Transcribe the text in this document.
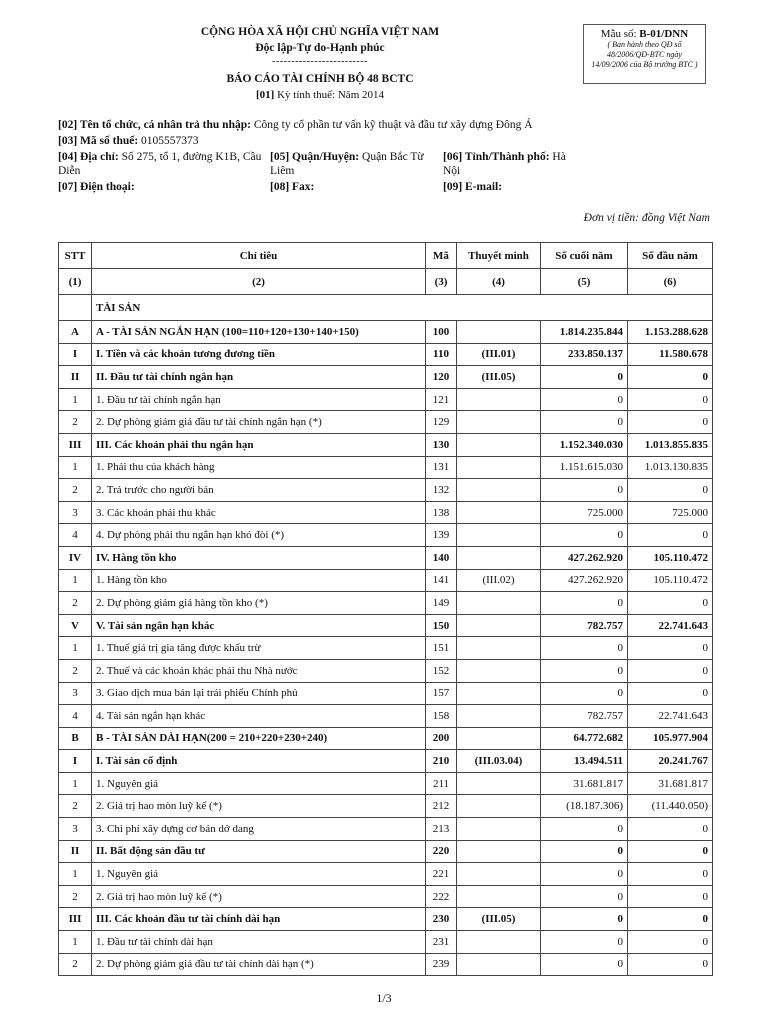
CỘNG HÒA XÃ HỘI CHỦ NGHĨA VIỆT NAM
Độc lập-Tự do-Hạnh phúc
-------------------------
BÁO CÁO TÀI CHÍNH BỘ 48 BCTC
[01] Kỳ tính thuế: Năm 2014
Mẫu số: B-01/DNN
( Ban hành theo QĐ số 48/2006/QĐ-BTC ngày 14/09/2006 của Bộ trưởng BTC )
[02] Tên tổ chức, cá nhân trả thu nhập: Công ty cổ phần tư vấn kỹ thuật và đầu tư xây dựng Đông Á
[03] Mã số thuế: 0105557373
[04] Địa chỉ: Số 275, tổ 1, đường K1B, Cầu Diễn
[05] Quận/Huyện: Quận Bắc Từ Liêm
[06] Tỉnh/Thành phố: Hà Nội
[07] Điện thoại:	[08] Fax:	[09] E-mail:
Đơn vị tiền: đồng Việt Nam
STT	Chỉ tiêu	Mã	Thuyết minh	Số cuối năm	Số đầu năm
(1)	(2)	(3)	(4)	(5)	(6)
	TÀI SẢN				
A	A - TÀI SẢN NGẮN HẠN (100=110+120+130+140+150)	100		1.814.235.844	1.153.288.628
I	I. Tiền và các khoản tương đương tiền	110	(III.01)	233.850.137	11.580.678
II	II. Đầu tư tài chính ngắn hạn	120	(III.05)	0	0
1	1. Đầu tư tài chính ngắn hạn	121		0	0
2	2. Dự phòng giảm giá đầu tư tài chính ngắn hạn (*)	129		0	0
III	III. Các khoản phải thu ngắn hạn	130		1.152.340.030	1.013.855.835
1	1. Phải thu của khách hàng	131		1.151.615.030	1.013.130.835
2	2. Trả trước cho người bán	132		0	0
3	3. Các khoản phải thu khác	138		725.000	725.000
4	4. Dự phòng phải thu ngắn hạn khó đòi (*)	139		0	0
IV	IV. Hàng tồn kho	140		427.262.920	105.110.472
1	1. Hàng tồn kho	141	(III.02)	427.262.920	105.110.472
2	2. Dự phòng giảm giá hàng tồn kho (*)	149		0	0
V	V. Tài sản ngắn hạn khác	150		782.757	22.741.643
1	1. Thuế giá trị gia tăng được khấu trừ	151		0	0
2	2. Thuế và các khoản khác phải thu Nhà nước	152		0	0
3	3. Giao dịch mua bán lại trái phiếu Chính phủ	157		0	0
4	4. Tài sản ngắn hạn khác	158		782.757	22.741.643
B	B - TÀI SẢN DÀI HẠN(200 = 210+220+230+240)	200		64.772.682	105.977.904
I	I. Tài sản cố định	210	(III.03.04)	13.494.511	20.241.767
1	1. Nguyên giá	211		31.681.817	31.681.817
2	2. Giá trị hao mòn luỹ kế (*)	212		(18.187.306)	(11.440.050)
3	3. Chi phí xây dựng cơ bản dở dang	213		0	0
II	II. Bất động sản đầu tư	220		0	0
1	1. Nguyên giá	221		0	0
2	2. Giá trị hao mòn luỹ kế (*)	222		0	0
III	III. Các khoản đầu tư tài chính dài hạn	230	(III.05)	0	0
1	1. Đầu tư tài chính dài hạn	231		0	0
2	2. Dự phòng giảm giá đầu tư tài chính dài hạn (*)	239		0	0
1/3
